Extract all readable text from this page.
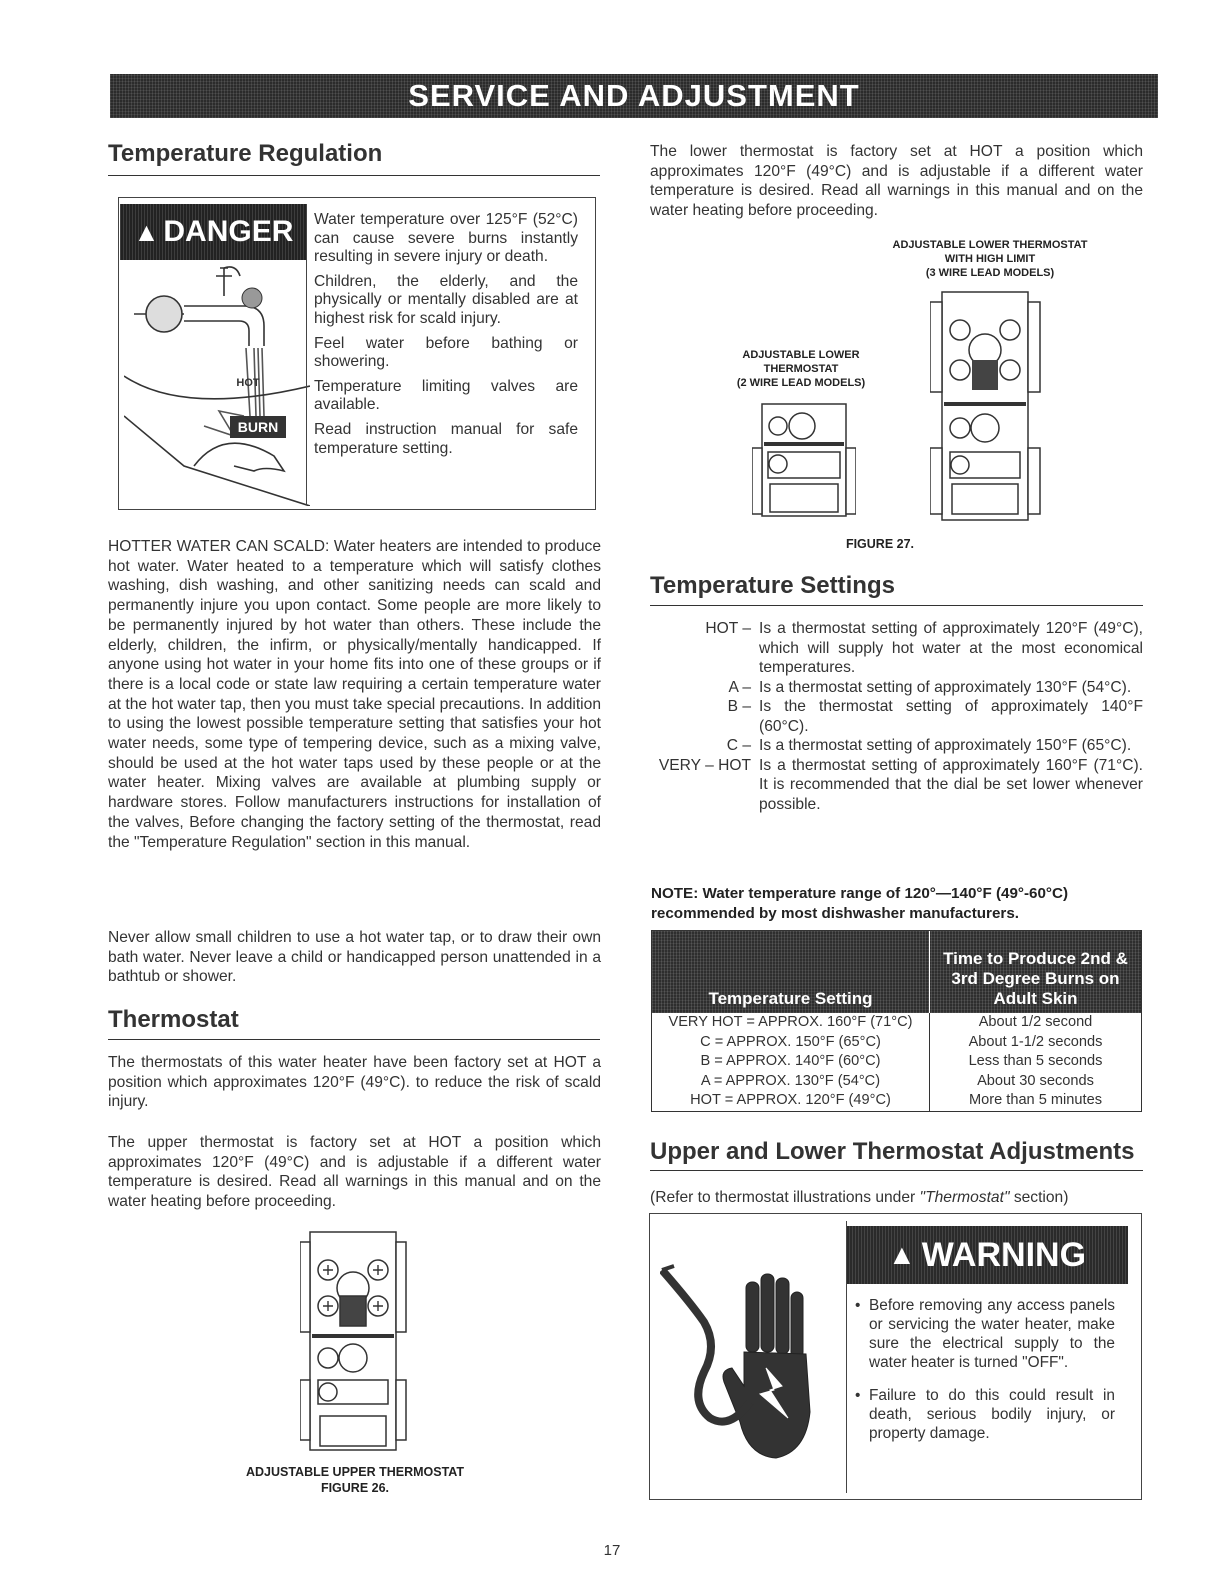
SERVICE AND ADJUSTMENT
Temperature Regulation
▲ DANGER
BURN
HOT

Water temperature over 125°F (52°C) can cause severe burns instantly resulting in severe injury or death.

Children, the elderly, and the physically or mentally disabled are at highest risk for scald injury.

Feel water before bathing or showering.

Temperature limiting valves are available.

Read instruction manual for safe temperature setting.

HOTTER WATER CAN SCALD: Water heaters are intended to produce hot water. Water heated to a temperature which will satisfy clothes washing, dish washing, and other sanitizing needs can scald and permanently injure you upon contact. Some people are more likely to be permanently injured by hot water than others. These include the elderly, children, the infirm, or physically/mentally handicapped. If anyone using hot water in your home fits into one of these groups or if there is a local code or state law requiring a certain temperature water at the hot water tap, then you must take special precautions. In addition to using the lowest possible temperature setting that satisfies your hot water needs, some type of tempering device, such as a mixing valve, should be used at the hot water taps used by these people or at the water heater. Mixing valves are available at plumbing supply or hardware stores. Follow manufacturers instructions for installation of the valves, Before changing the factory setting of the thermostat, read the "Temperature Regulation" section in this manual.
Never allow small children to use a hot water tap, or to draw their own bath water. Never leave a child or handicapped person unattended in a bathtub or shower.
Thermostat
The thermostats of this water heater have been factory set at HOT a position which approximates 120°F (49°C). to reduce the risk of scald injury.
The upper thermostat is factory set at HOT a position which approximates 120°F (49°C) and is adjustable if a different water temperature is desired. Read all warnings in this manual and on the water heating before proceeding.
ADJUSTABLE UPPER THERMOSTAT
FIGURE 26.
The lower thermostat is factory set at HOT a position which approximates 120°F (49°C) and is adjustable if a different water temperature is desired. Read all warnings in this manual and on the water heating before proceeding.
ADJUSTABLE LOWER THERMOSTAT
WITH HIGH LIMIT
(3 WIRE LEAD MODELS)
ADJUSTABLE LOWER
THERMOSTAT
(2 WIRE LEAD MODELS)
FIGURE 27.
Temperature Settings
HOT – Is a thermostat setting of approximately 120°F (49°C), which will supply hot water at the most economical temperatures.
A – Is a thermostat setting of approximately 130°F (54°C).
B – Is the thermostat setting of approximately 140°F (60°C).
C – Is a thermostat setting of approximately 150°F (65°C).
VERY – HOT Is a thermostat setting of approximately 160°F (71°C). It is recommended that the dial be set lower whenever possible.
NOTE: Water temperature range of 120°—140°F (49°-60°C) recommended by most dishwasher manufacturers.
Temperature Setting
Time to Produce 2nd & 3rd Degree Burns on Adult Skin
VERY HOT = APPROX. 160°F (71°C)	About 1/2 second
C = APPROX. 150°F (65°C)	About 1-1/2 seconds
B = APPROX. 140°F (60°C)	Less than 5 seconds
A = APPROX. 130°F (54°C)	About 30 seconds
HOT = APPROX. 120°F (49°C)	More than 5 minutes
Upper and Lower Thermostat Adjustments
(Refer to thermostat illustrations under "Thermostat" section)
▲ WARNING
• Before removing any access panels or servicing the water heater, make sure the electrical supply to the water heater is turned "OFF".
• Failure to do this could result in death, serious bodily injury, or property damage.
17
